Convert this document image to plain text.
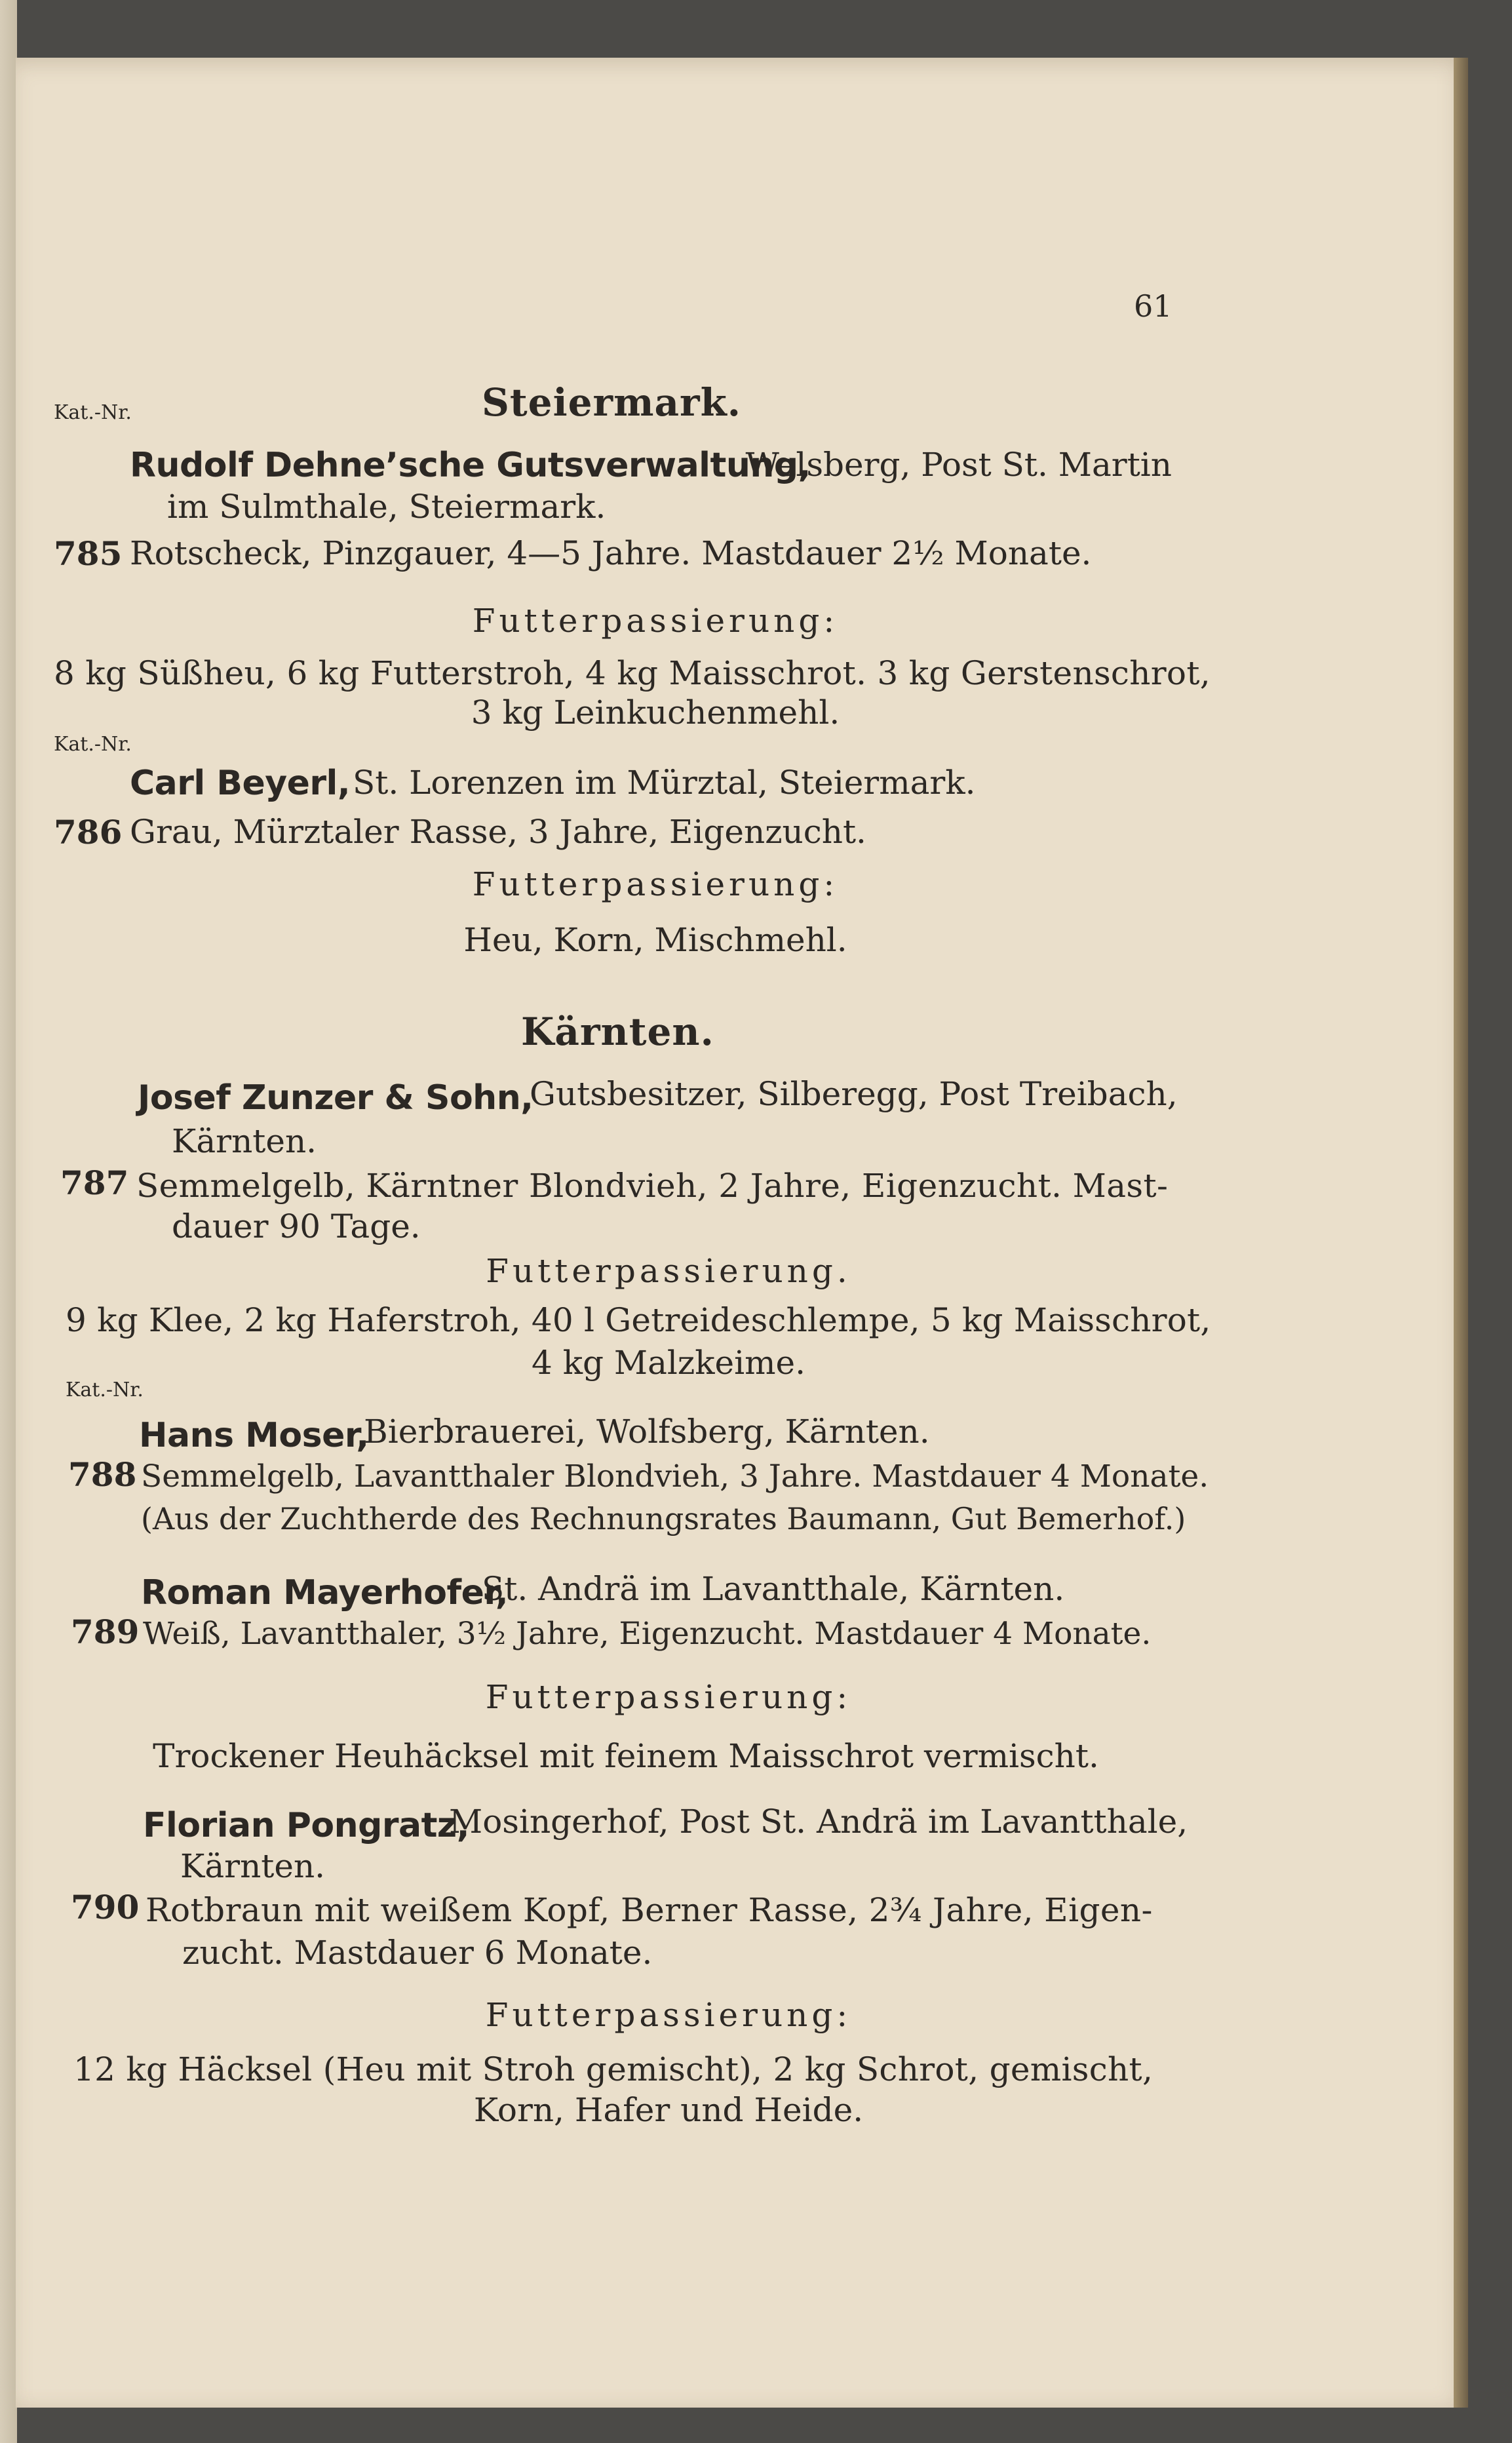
61
Kat.-Nr.	Steiermark.
Rudolf Dehne’sche Gutsverwaltung,
Welsberg, Post St. Martin
im Sulmthale, Steiermark.
785 Rotscheck, Pinzgauer, 4—5 Jahre. Mastdauer 2½ Monate.
Futterpassierung:
8 kg Süßheu, 6 kg Futterstroh, 4 kg Maisschrot. 3 kg Gerstenschrot,
3 kg Leinkuchenmehl.
Kat.-Nr.
Carl Beyerl, St. Lorenzen im Mürztal, Steiermark.
786 Grau, Mürztaler Rasse, 3 Jahre, Eigenzucht.
Futterpassierung:
Heu, Korn, Mischmehl.
Kärnten.
Josef Zunzer & Sohn,
Gutsbesitzer, Silberegg, Post Treibach,
Kärnten.
787 Semmelgelb, Kärntner Blondvieh, 2 Jahre, Eigenzucht. Mast-
dauer 90 Tage.
Futterpassierung.
9 kg Klee, 2 kg Haferstroh, 40 l Getreideschlempe, 5 kg Maisschrot,
4 kg Malzkeime.
Kat.-Nr.
Hans Moser,
Bierbrauerei, Wolfsberg, Kärnten.
788 Semmelgelb, Lavantthaler Blondvieh, 3 Jahre. Mastdauer 4 Monate.
(Aus der Zuchtherde des Rechnungsrates Baumann, Gut Bemerhof.)
Roman Mayerhofer,
St. Andrä im Lavantthale, Kärnten.
789 Weiß, Lavantthaler, 3½ Jahre, Eigenzucht. Mastdauer 4 Monate.
Futterpassierung:
Trockener Heuhäcksel mit feinem Maisschrot vermischt.
Florian Pongratz,
Mosingerhof, Post St. Andrä im Lavantthale,
Kärnten.
790 Rotbraun mit weißem Kopf, Berner Rasse, 2¾ Jahre, Eigen-
zucht. Mastdauer 6 Monate.
Futterpassierung:
12 kg Häcksel (Heu mit Stroh gemischt), 2 kg Schrot, gemischt,
Korn, Hafer und Heide.
